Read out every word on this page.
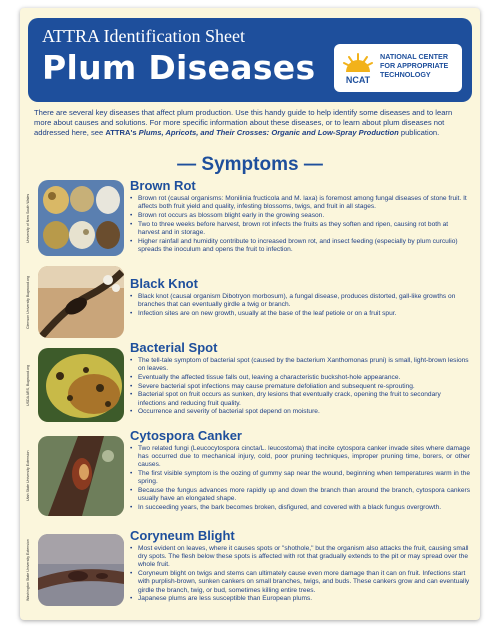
ATTRA Identification Sheet
Plum Diseases	NCAT
NATIONAL CENTER FOR APPROPRIATE TECHNOLOGY

There are several key diseases that affect plum production. Use this handy guide to help identify some diseases and to learn more about causes and solutions. For more specific information about these diseases, or to learn about plum diseases not addressed here, see ATTRA's Plums, Apricots, and Their Crosses: Organic and Low-Spray Production publication.

— Symptoms —
University of New South Wales
Brown Rot
• Brown rot (causal organisms: Monilinia fructicola and M. laxa) is foremost among fungal diseases of stone fruit. It affects both fruit yield and quality, infesting blossoms, twigs, and fruit in all stages.
• Brown rot occurs as blossom blight early in the growing season.
• Two to three weeks before harvest, brown rot infects the fruits as they soften and ripen, causing rot both at harvest and in storage.
• Higher rainfall and humidity contribute to increased brown rot, and insect feeding (especially by plum curculio) spreads the inoculum and opens the fruit to infection.
Clemson University Bugwood.org	Black Knot
• Black knot (causal organism Dibotryon morbosum), a fungal disease, produces distorted, gall-like growths on branches that can eventually girdle a twig or branch.
• Infection sites are on new growth, usually at the base of the leaf petiole or on a fruit spur.
USDA ARS, Bugwood.org
Bacterial Spot
• The tell-tale symptom of bacterial spot (caused by the bacterium Xanthomonas pruni) is small, light-brown lesions on leaves.
• Eventually the affected tissue falls out, leaving a characteristic buckshot-hole appearance.
• Severe bacterial spot infections may cause premature defoliation and subsequent re-sprouting.
• Bacterial spot on fruit occurs as sunken, dry lesions that eventually crack, opening the fruit to secondary infections and reducing fruit quality.
• Occurrence and severity of bacterial spot depend on moisture.
Utah State University Extension
Cytospora Canker
• Two related fungi (Leucocytospora cincta/L. leucostoma) that incite cytospora canker invade sites where damage has occurred due to mechanical injury, cold, poor pruning techniques, improper pruning time, borers, or other causes.
• The first visible symptom is the oozing of gummy sap near the wound, beginning when temperatures warm in the spring.
• Because the fungus advances more rapidly up and down the branch than around the branch, cytospora cankers usually have an elongated shape.
• In succeeding years, the bark becomes broken, disfigured, and covered with a black fungus overgrowth.
Washington State University Extension
Coryneum Blight
• Most evident on leaves, where it causes spots or "shothole," but the organism also attacks the fruit, causing small dry spots. The flesh below these spots is affected with rot that gradually extends to the pit or may spread over the whole fruit.
• Coryneum blight on twigs and stems can ultimately cause even more damage than it can on fruit. Infections start with purplish-brown, sunken cankers on small branches, twigs, and buds. These cankers grow and can eventually girdle the branch, twig, or bud, sometimes killing entire trees.
• Japanese plums are less susceptible than European plums.
